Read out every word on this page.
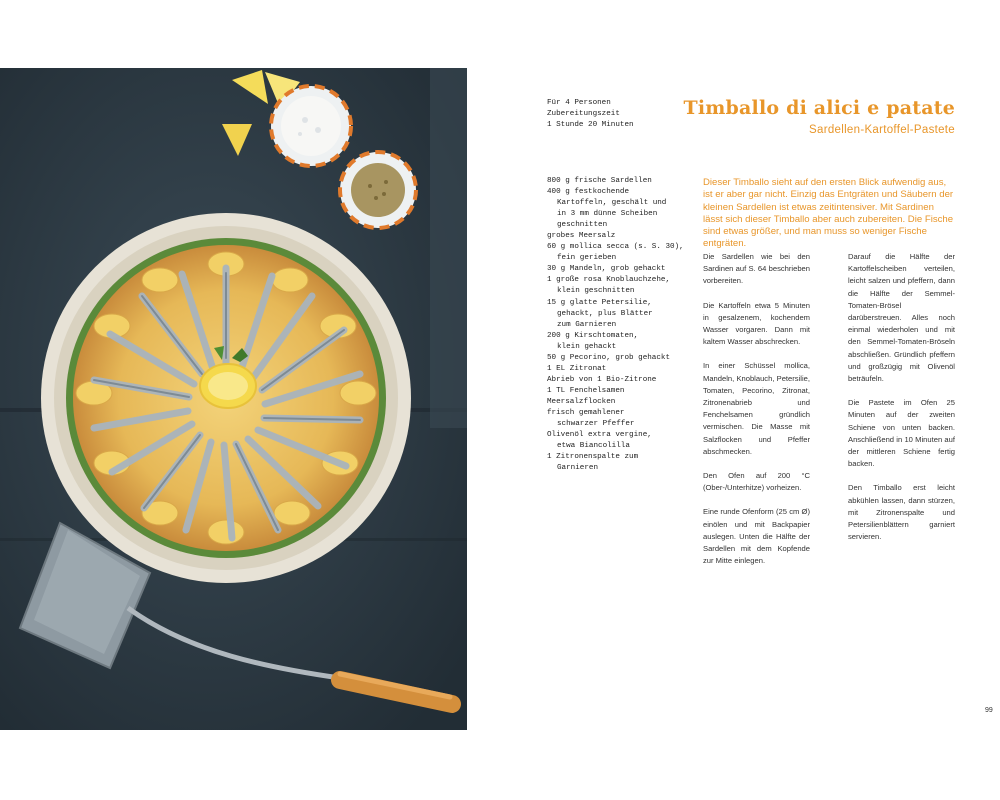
Für 4 Personen
Zubereitungszeit
1 Stunde 20 Minuten
800 g frische Sardellen
400 g festkochende
Kartoffeln, geschält und
in 3 mm dünne Scheiben
geschnitten
grobes Meersalz
60 g mollica secca (s. S. 30),
fein gerieben
30 g Mandeln, grob gehackt
1 große rosa Knoblauchzehe,
klein geschnitten
15 g glatte Petersilie,
gehackt, plus Blätter
zum Garnieren
200 g Kirschtomaten,
klein gehackt
50 g Pecorino, grob gehackt
1 EL Zitronat
Abrieb von 1 Bio-Zitrone
1 TL Fenchelsamen
Meersalzflocken
frisch gemahlener
schwarzer Pfeffer
Olivenöl extra vergine,
etwa Biancolilla
1 Zitronenspalte zum
Garnieren
Timballo di alici e patate
Sardellen-Kartoffel-Pastete
Dieser Timballo sieht auf den ersten Blick aufwendig aus, ist er aber gar nicht. Einzig das Entgräten und Säubern der kleinen Sardellen ist etwas zeitintensiver. Mit Sardinen lässt sich dieser Timballo aber auch zubereiten. Die Fische sind etwas größer, und man muss so weniger Fische entgräten.

Die Sardellen wie bei den Sardinen auf S. 64 beschrieben vorbereiten.

Die Kartoffeln etwa 5 Minuten in gesalzenem, kochendem Wasser vorgaren. Dann mit kaltem Wasser abschrecken.

In einer Schüssel mollica, Mandeln, Knoblauch, Petersilie, Tomaten, Pecorino, Zitronat, Zitronenabrieb und Fenchelsamen gründlich vermischen. Die Masse mit Salzflocken und Pfeffer abschmecken.

Den Ofen auf 200 °C (Ober-/Unterhitze) vorheizen.

Eine runde Ofenform (25 cm Ø) einölen und mit Backpapier auslegen. Unten die Hälfte der Sardellen mit dem Kopfende zur Mitte einlegen.

Darauf die Hälfte der Kartoffelscheiben verteilen, leicht salzen und pfeffern, dann die Hälfte der Semmel-Tomaten-Brösel darüberstreuen. Alles noch einmal wiederholen und mit den Semmel-Tomaten-Bröseln abschließen. Gründlich pfeffern und großzügig mit Olivenöl beträufeln.

Die Pastete im Ofen 25 Minuten auf der zweiten Schiene von unten backen. Anschließend in 10 Minuten auf der mittleren Schiene fertig backen.

Den Timballo erst leicht abkühlen lassen, dann stürzen, mit Zitronenspalte und Petersilienblättern garniert servieren.

99
